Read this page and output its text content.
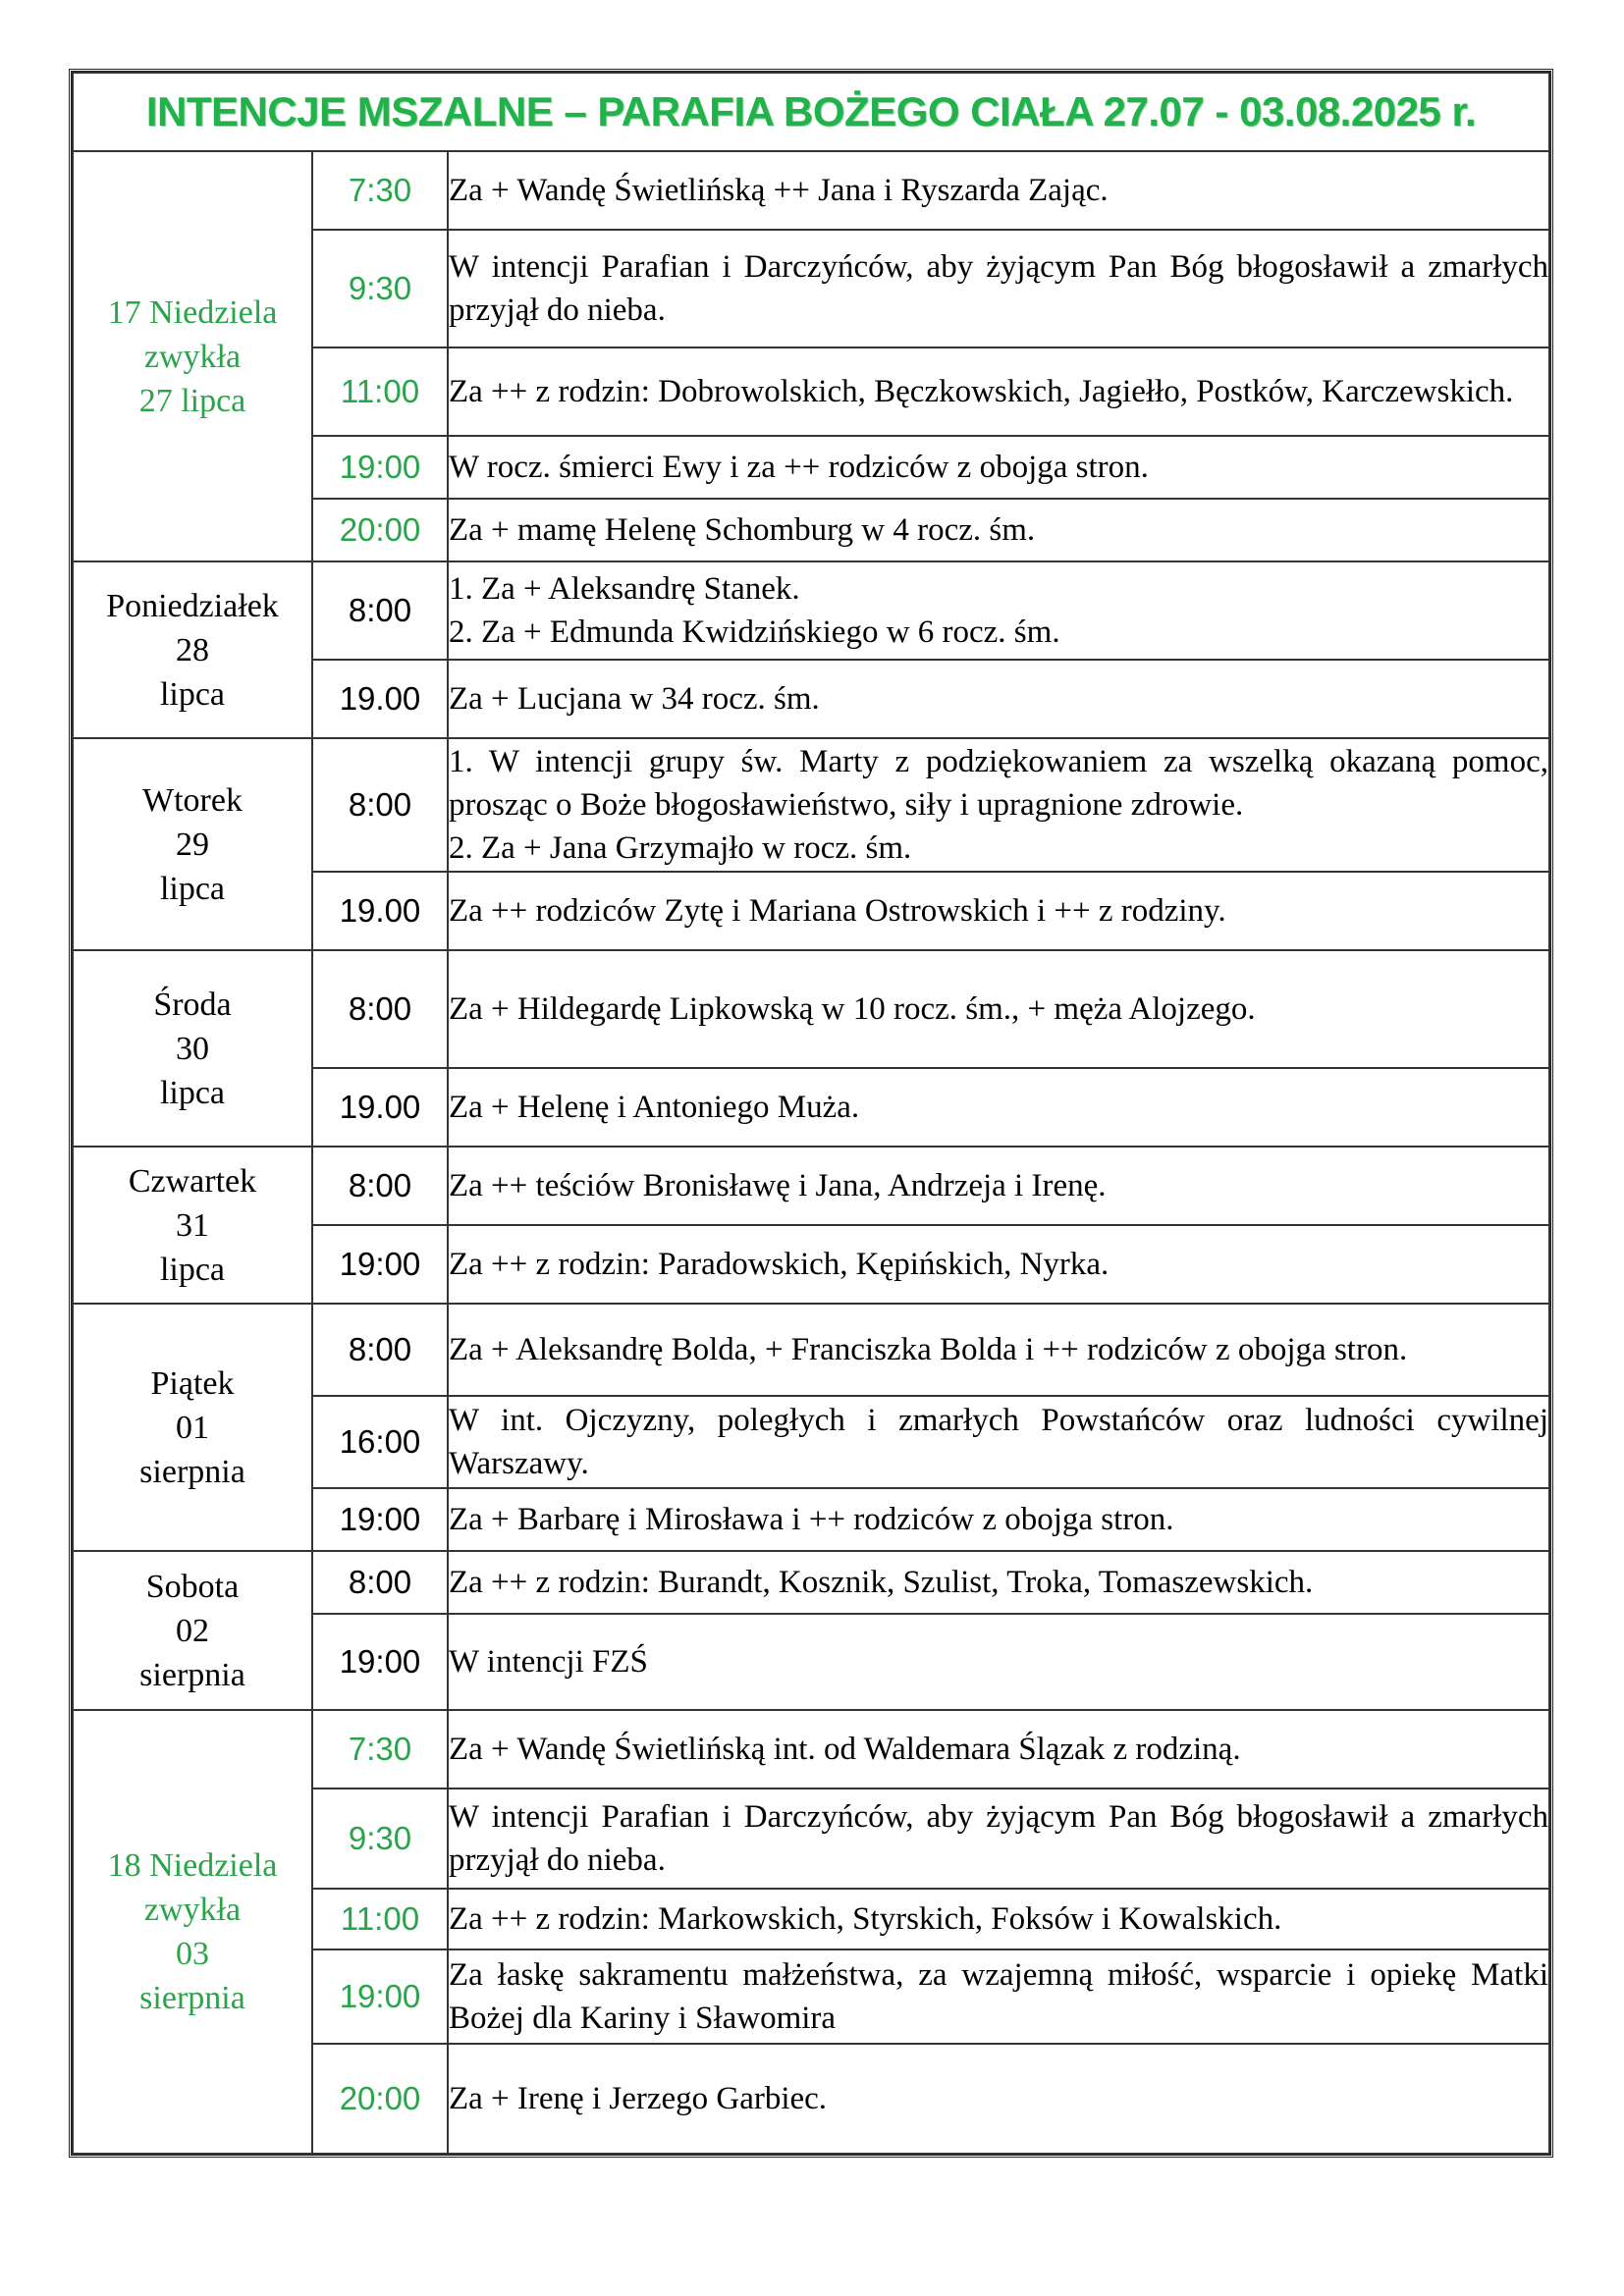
INTENCJE MSZALNE – PARAFIA BOŻEGO CIAŁA 27.07 - 03.08.2025 r.		

17 Niedziela
zwykła
27 lipca	7:30	Za + Wandę Świetlińską ++ Jana i Ryszarda Zając.

	9:30	W intencji Parafian i Darczyńców, aby żyjącym Pan Bóg błogosławił a zmarłych przyjął do nieba.

	11:00	Za ++ z rodzin: Dobrowolskich, Bęczkowskich, Jagiełło, Postków, Karczewskich.

	19:00	W rocz. śmierci Ewy i za ++ rodziców z obojga stron.

	20:00	Za + mamę Helenę Schomburg w 4 rocz. śm.

Poniedziałek
28
lipca	8:00	1. Za + Aleksandrę Stanek.
2. Za + Edmunda Kwidzińskiego w 6 rocz. śm.

	19.00	Za + Lucjana w 34 rocz. śm.

Wtorek
29
lipca	8:00	1. W intencji grupy św. Marty z podziękowaniem za wszelką okazaną pomoc, prosząc o Boże błogosławieństwo, siły i upragnione zdrowie.
2. Za + Jana Grzymajło w rocz. śm.

	19.00	Za ++ rodziców Zytę i Mariana Ostrowskich i ++ z rodziny.

Środa
30
lipca	8:00	Za + Hildegardę Lipkowską w 10 rocz. śm., + męża Alojzego.

	19.00	Za + Helenę i Antoniego Muża.

Czwartek
31
lipca	8:00	Za ++ teściów Bronisławę i Jana, Andrzeja i Irenę.

	19:00	Za ++ z rodzin: Paradowskich, Kępińskich, Nyrka.

Piątek
01
sierpnia	8:00	Za + Aleksandrę Bolda, + Franciszka Bolda i ++ rodziców z obojga stron.

	16:00	W int. Ojczyzny, poległych i zmarłych Powstańców oraz ludności cywilnej Warszawy.

	19:00	Za + Barbarę i Mirosława i ++ rodziców z obojga stron.

Sobota
02
sierpnia	8:00	Za ++ z rodzin: Burandt, Kosznik, Szulist, Troka, Tomaszewskich.

	19:00	W intencji FZŚ

18 Niedziela
zwykła
03
sierpnia	7:30	Za + Wandę Świetlińską int. od Waldemara Ślązak z rodziną.

	9:30	W intencji Parafian i Darczyńców, aby żyjącym Pan Bóg błogosławił a zmarłych przyjął do nieba.

	11:00	Za ++ z rodzin: Markowskich, Styrskich, Foksów i Kowalskich.

	19:00	Za łaskę sakramentu małżeństwa, za wzajemną miłość, wsparcie i opiekę Matki Bożej dla Kariny i Sławomira

	20:00	Za + Irenę i Jerzego Garbiec.
